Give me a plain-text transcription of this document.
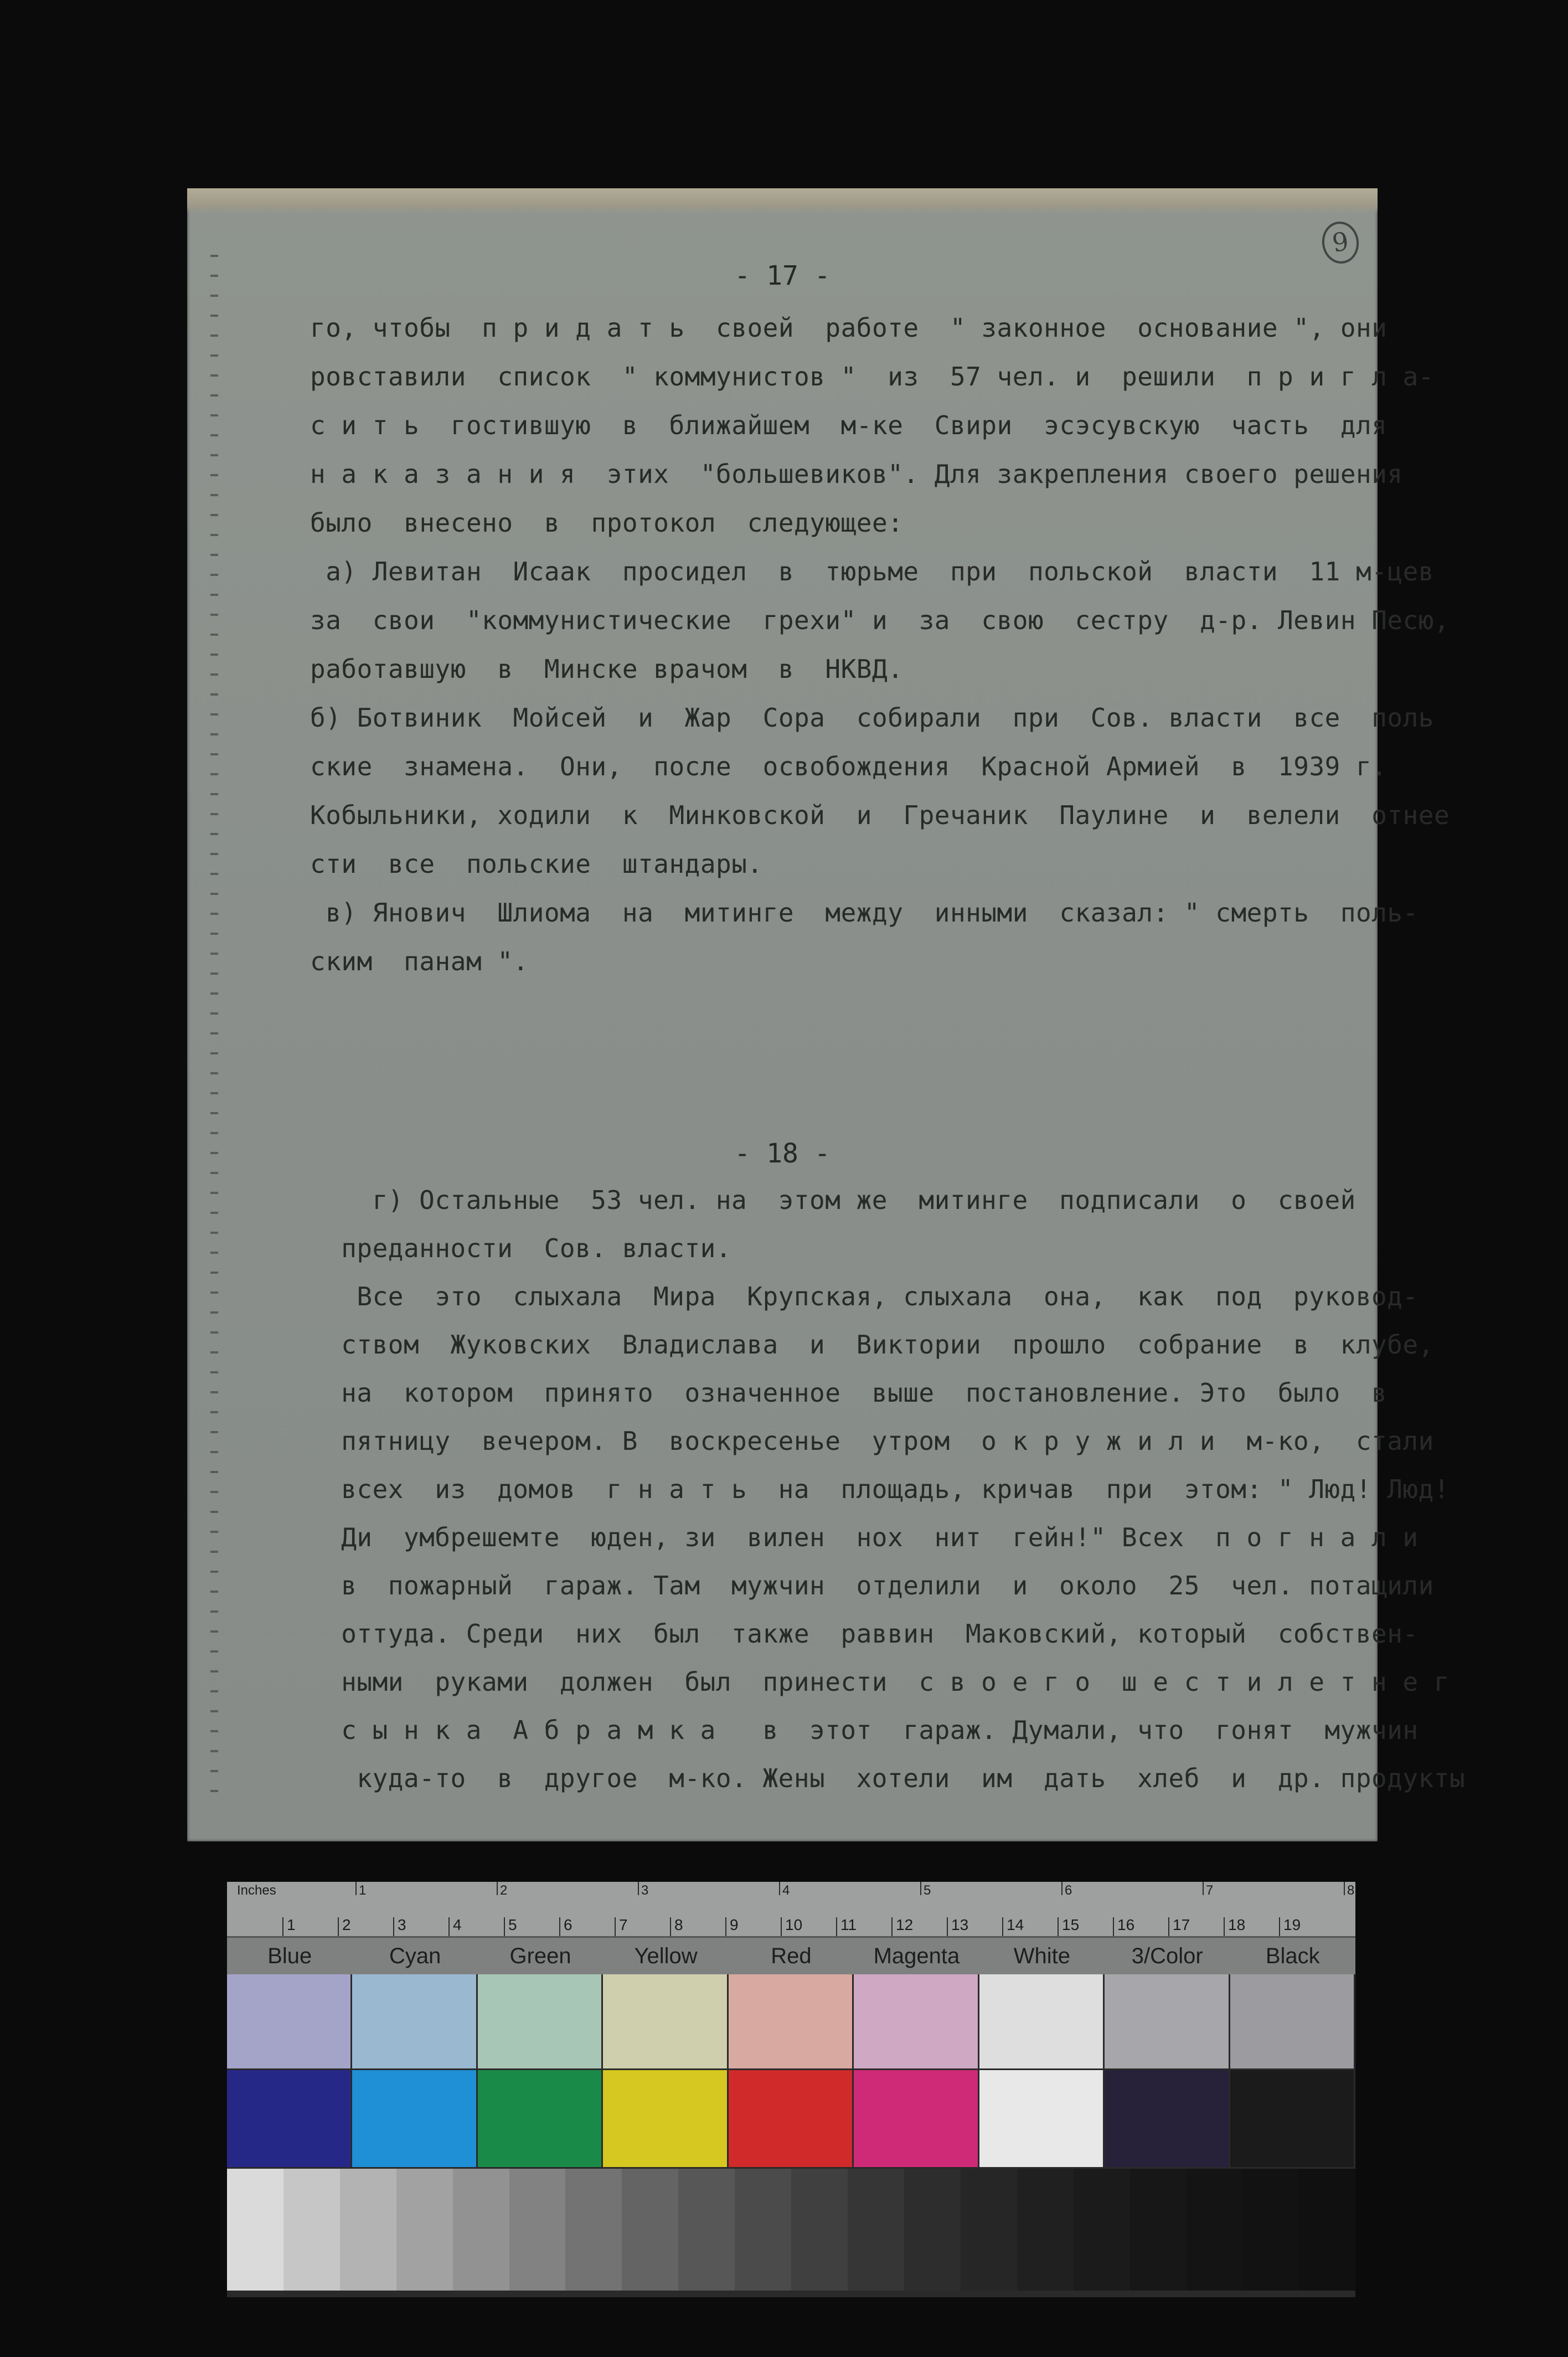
9
- 17 -
го, чтобы  п р и д а т ь  своей  работе  " законное  основание ", они
ровставили  список  " коммунистов "  из  57 чел. и  решили  п р и г л а-
с и т ь  гостившую  в  ближайшем  м-ке  Свири  эсэсувскую  часть  для
н а к а з а н и я  этих  "большевиков". Для закрепления своего решения
было  внесено  в  протокол  следующее:
а) Левитан  Исаак  просидел  в  тюрьме  при  польской  власти  11 м-цев
за  свои  "коммунистические  грехи" и  за  свою  сестру  д-р. Левин Песю,
работавшую  в  Минске врачом  в  НКВД.
б) Ботвиник  Мойсей  и  Жар  Сора  собирали  при  Сов. власти  все  поль
ские  знамена.  Они,  после  освобождения  Красной Армией  в  1939 г.
Кобыльники, ходили  к  Минковской  и  Гречаник  Паулине  и  велели  отнее
сти  все  польские  штандары.
в) Янович  Шлиома  на  митинге  между  инными  сказал: " смерть  поль-
ским  панам ".
- 18 -
г) Остальные  53 чел. на  этом же  митинге  подписали  о  своей
преданности  Сов. власти.
Все  это  слыхала  Мира  Крупская, слыхала  она,  как  под  руковод-
ством  Жуковских  Владислава  и  Виктории  прошло  собрание  в  клубе,
на  котором  принято  означенное  выше  постановление. Это  было  в
пятницу  вечером. В  воскресенье  утром  о к р у ж и л и  м-ко,  стали
всех  из  домов  г н а т ь  на  площадь, кричав  при  этом: " Люд! Люд!
Ди  умбрешемте  юден, зи  вилен  нох  нит  гейн!" Всех  п о г н а л и
в  пожарный  гараж. Там  мужчин  отделили  и  около  25  чел. потащили
оттуда. Среди  них  был  также  раввин  Маковский, который  собствен-
ными  руками  должен  был  принести  с в о е г о  ш е с т и л е т н е г
с ы н к а  А б р а м к а   в  этот  гараж. Думали, что  гонят  мужчин
куда-то  в  другое  м-ко. Жены  хотели  им  дать  хлеб  и  др. продукты
Inches	1	2	3	4	5	6	7	8
1	2	3	4	5	6	7	8	9	10 11	12 13 14 15 16 17 18 19
Blue	Cyan	Green	Yellow	Red	Magenta	White	3/Color	Black
